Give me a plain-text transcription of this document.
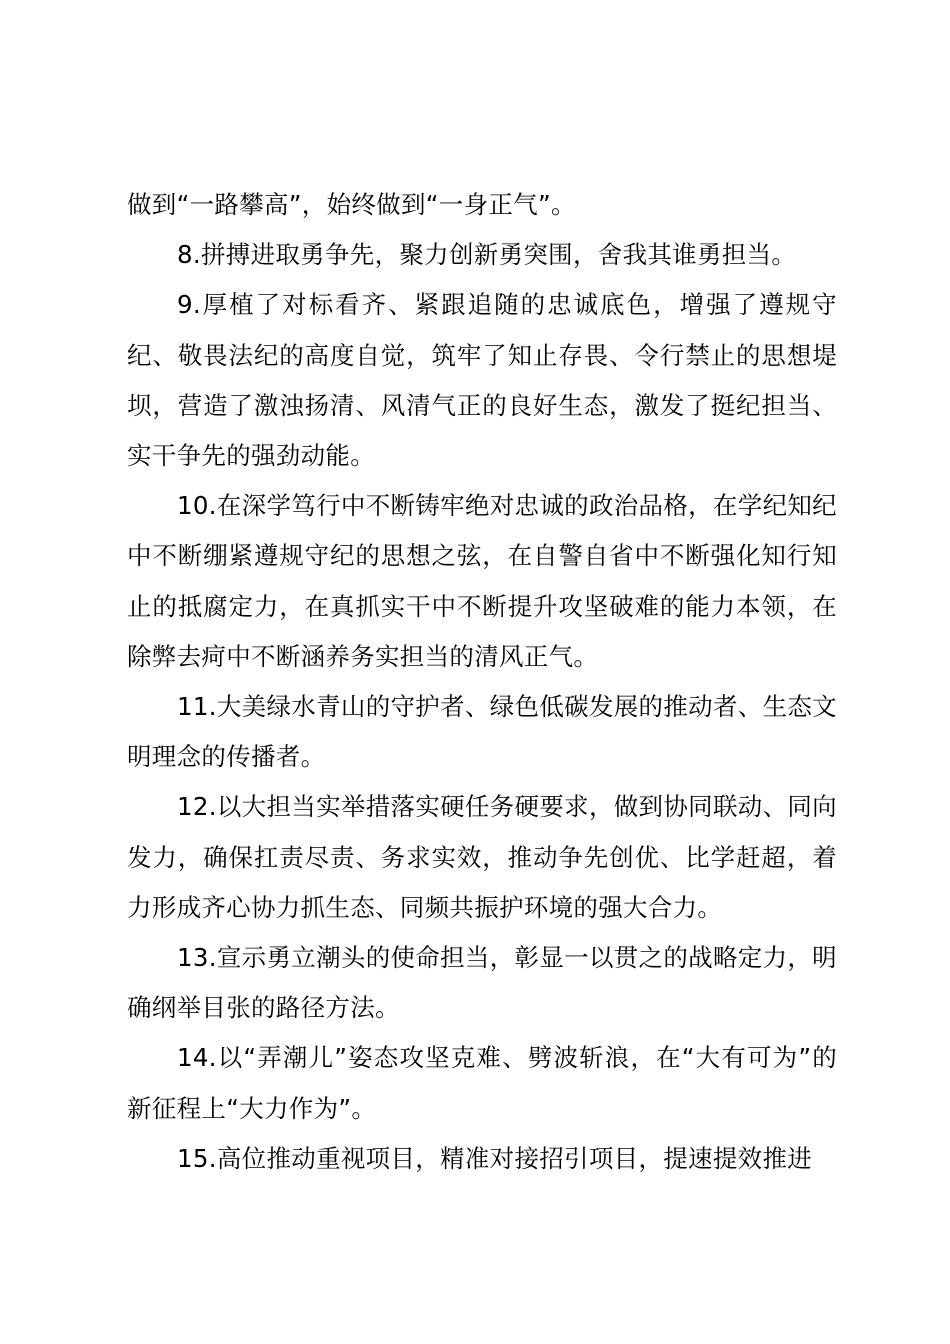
做到“一路攀高”，始终做到“一身正气”。

8.拼搏进取勇争先，聚力创新勇突围，舍我其谁勇担当。

9.厚植了对标看齐、紧跟追随的忠诚底色，增强了遵规守纪、敬畏法纪的高度自觉，筑牢了知止存畏、令行禁止的思想堤坝，营造了激浊扬清、风清气正的良好生态，激发了挺纪担当、实干争先的强劲动能。

10.在深学笃行中不断铸牢绝对忠诚的政治品格，在学纪知纪中不断绷紧遵规守纪的思想之弦，在自警自省中不断强化知行知止的抵腐定力，在真抓实干中不断提升攻坚破难的能力本领，在除弊去疴中不断涵养务实担当的清风正气。

11.大美绿水青山的守护者、绿色低碳发展的推动者、生态文明理念的传播者。

12.以大担当实举措落实硬任务硬要求，做到协同联动、同向发力，确保扛责尽责、务求实效，推动争先创优、比学赶超，着力形成齐心协力抓生态、同频共振护环境的强大合力。

13.宣示勇立潮头的使命担当，彰显一以贯之的战略定力，明确纲举目张的路径方法。

14.以“弄潮儿”姿态攻坚克难、劈波斩浪，在“大有可为”的新征程上“大力作为”。

15.高位推动重视项目，精准对接招引项目，提速提效推进
